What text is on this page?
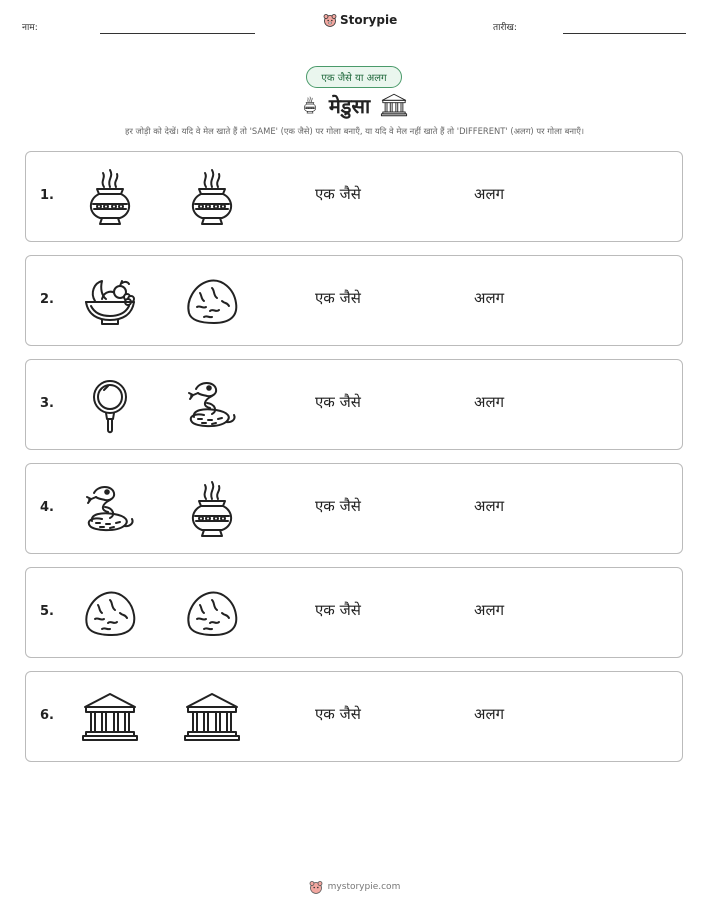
नाम:
Storypie
तारीख:
एक जैसे या अलग
मेडुसा
हर जोड़ी को देखें। यदि वे मेल खाते हैं तो 'SAME' (एक जैसे) पर गोला बनाएँ, या यदि वे मेल नहीं खाते हैं तो 'DIFFERENT' (अलग) पर गोला बनाएँ।
1.	एक जैसे	अलग
2.	एक जैसे	अलग
3.	एक जैसे	अलग
4.	एक जैसे	अलग
5.	एक जैसे	अलग
6.	एक जैसे	अलग
mystorypie.com
